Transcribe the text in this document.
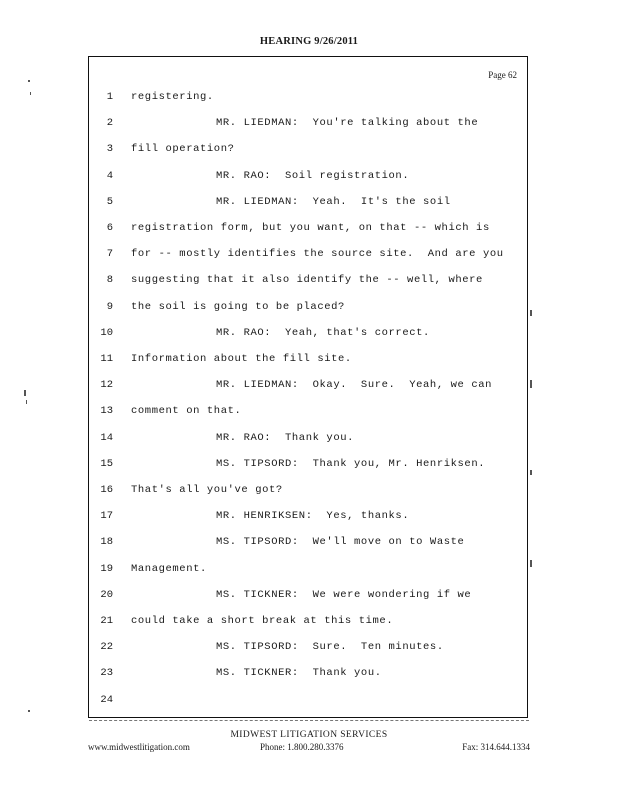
HEARING 9/26/2011
Page 62
1 registering.
2	MR. LIEDMAN:  You're talking about the
3 fill operation?
4	MR. RAO:  Soil registration.
5	MR. LIEDMAN:  Yeah.  It's the soil
6 registration form, but you want, on that -- which is
7 for -- mostly identifies the source site.  And are you
8 suggesting that it also identify the -- well, where
9 the soil is going to be placed?
10	MR. RAO:  Yeah, that's correct.
11 Information about the fill site.
12	MR. LIEDMAN:  Okay.  Sure.  Yeah, we can
13 comment on that.
14	MR. RAO:  Thank you.
15	MS. TIPSORD:  Thank you, Mr. Henriksen.
16 That's all you've got?
17	MR. HENRIKSEN:  Yes, thanks.
18	MS. TIPSORD:  We'll move on to Waste
19 Management.
20	MS. TICKNER:  We were wondering if we
21 could take a short break at this time.
22	MS. TIPSORD:  Sure.  Ten minutes.
23	MS. TICKNER:  Thank you.
24
MIDWEST LITIGATION SERVICES
www.midwestlitigation.com	Phone: 1.800.280.3376	Fax: 314.644.1334
